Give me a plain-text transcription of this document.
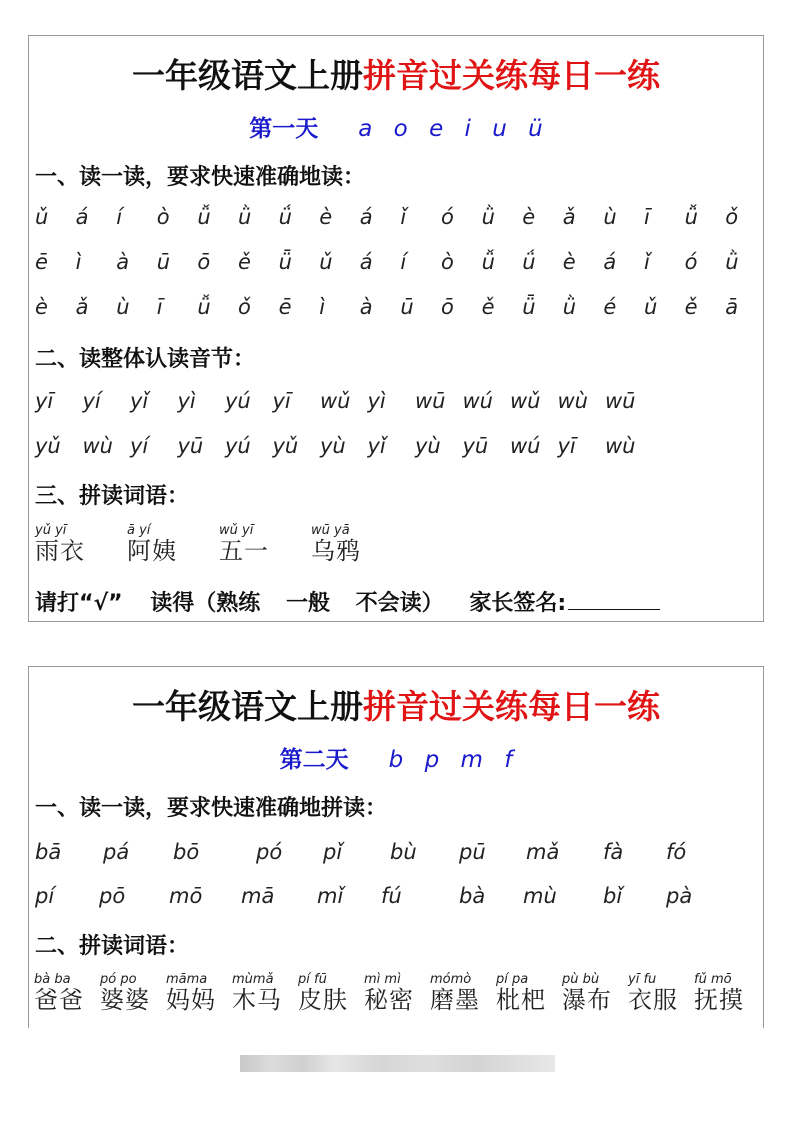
一年级语文上册拼音过关练每日一练
第一天 a o e i u ü
一、读一读，要求快速准确地读：
ǔ á í ò ǚ ǜ ǘ è á ǐ ó ǜ è ǎ ù ī ǚ ǒ
ē ì à ū ō ě ǖ ǔ á í ò ǚ ǘ è á ǐ ó ǜ
è ǎ ù ī ǚ ǒ ē ì à ū ō ě ǖ ǜ é ǔ ě ā
二、读整体认读音节：
yī yí yǐ yì yú yī wǔ yì wū wú wǔ wù wū
yǔ wù yí yū yú yǔ yù yǐ yù yū wú yī wù
三、拼读词语：
yǔ yī
雨衣
ā yí
阿姨
wǔ yī
五一
wū yā
乌鸦
请打“√” 读得（熟练 一般 不会读） 家长签名:
一年级语文上册拼音过关练每日一练
第二天 b p m f
一、读一读，要求快速准确地拼读：
bā pá bō	pó pǐ bù pū mǎ fà fó
pí pō mō mā mǐ fú	bà mù bǐ pà
二、拼读词语：
bà ba
爸爸
pó po
婆婆
māma
妈妈
mùmǎ
木马
pí fū
皮肤
mì mì
秘密
mómò
磨墨
pí pa
枇杷
pù bù
瀑布
yī fu
衣服
fǔ mō
抚摸
